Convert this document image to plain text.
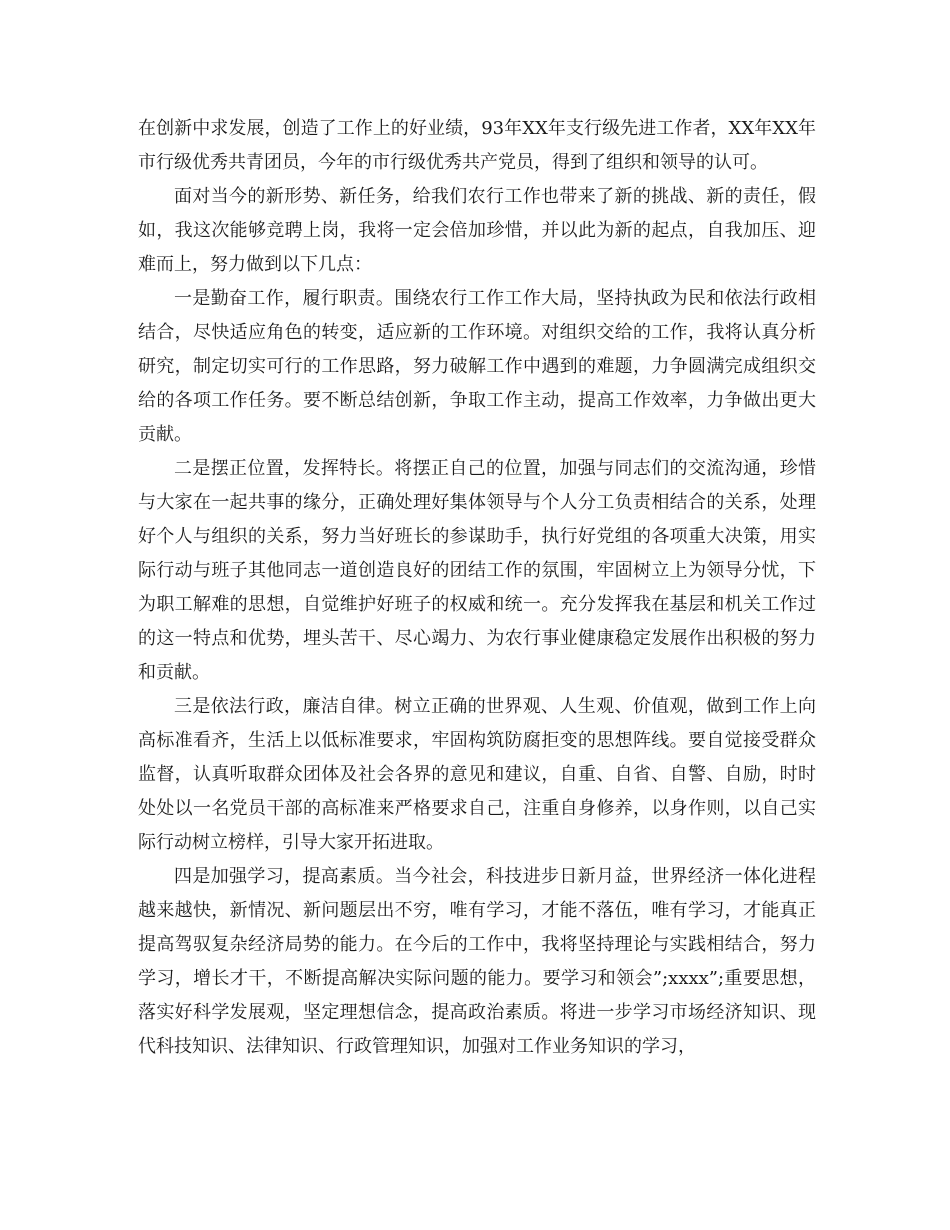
在创新中求发展，创造了工作上的好业绩，93年XX年支行级先进工作者，XX年XX年市行级优秀共青团员，今年的市行级优秀共产党员，得到了组织和领导的认可。

面对当今的新形势、新任务，给我们农行工作也带来了新的挑战、新的责任，假如，我这次能够竞聘上岗，我将一定会倍加珍惜，并以此为新的起点，自我加压、迎难而上，努力做到以下几点：

一是勤奋工作，履行职责。围绕农行工作工作大局，坚持执政为民和依法行政相结合，尽快适应角色的转变，适应新的工作环境。对组织交给的工作，我将认真分析研究，制定切实可行的工作思路，努力破解工作中遇到的难题，力争圆满完成组织交给的各项工作任务。要不断总结创新，争取工作主动，提高工作效率，力争做出更大贡献。

二是摆正位置，发挥特长。将摆正自己的位置，加强与同志们的交流沟通，珍惜与大家在一起共事的缘分，正确处理好集体领导与个人分工负责相结合的关系，处理好个人与组织的关系，努力当好班长的参谋助手，执行好党组的各项重大决策，用实际行动与班子其他同志一道创造良好的团结工作的氛围，牢固树立上为领导分忧，下为职工解难的思想，自觉维护好班子的权威和统一。充分发挥我在基层和机关工作过的这一特点和优势，埋头苦干、尽心竭力、为农行事业健康稳定发展作出积极的努力和贡献。

三是依法行政，廉洁自律。树立正确的世界观、人生观、价值观，做到工作上向高标准看齐，生活上以低标准要求，牢固构筑防腐拒变的思想阵线。要自觉接受群众监督，认真听取群众团体及社会各界的意见和建议，自重、自省、自警、自励，时时处处以一名党员干部的高标准来严格要求自己，注重自身修养，以身作则，以自己实际行动树立榜样，引导大家开拓进取。

四是加强学习，提高素质。当今社会，科技进步日新月益，世界经济一体化进程越来越快，新情况、新问题层出不穷，唯有学习，才能不落伍，唯有学习，才能真正提高驾驭复杂经济局势的能力。在今后的工作中，我将坚持理论与实践相结合，努力学习，增长才干，不断提高解决实际问题的能力。要学习和领会”;xxxx”;重要思想，落实好科学发展观，坚定理想信念，提高政治素质。将进一步学习市场经济知识、现代科技知识、法律知识、行政管理知识，加强对工作业务知识的学习，
